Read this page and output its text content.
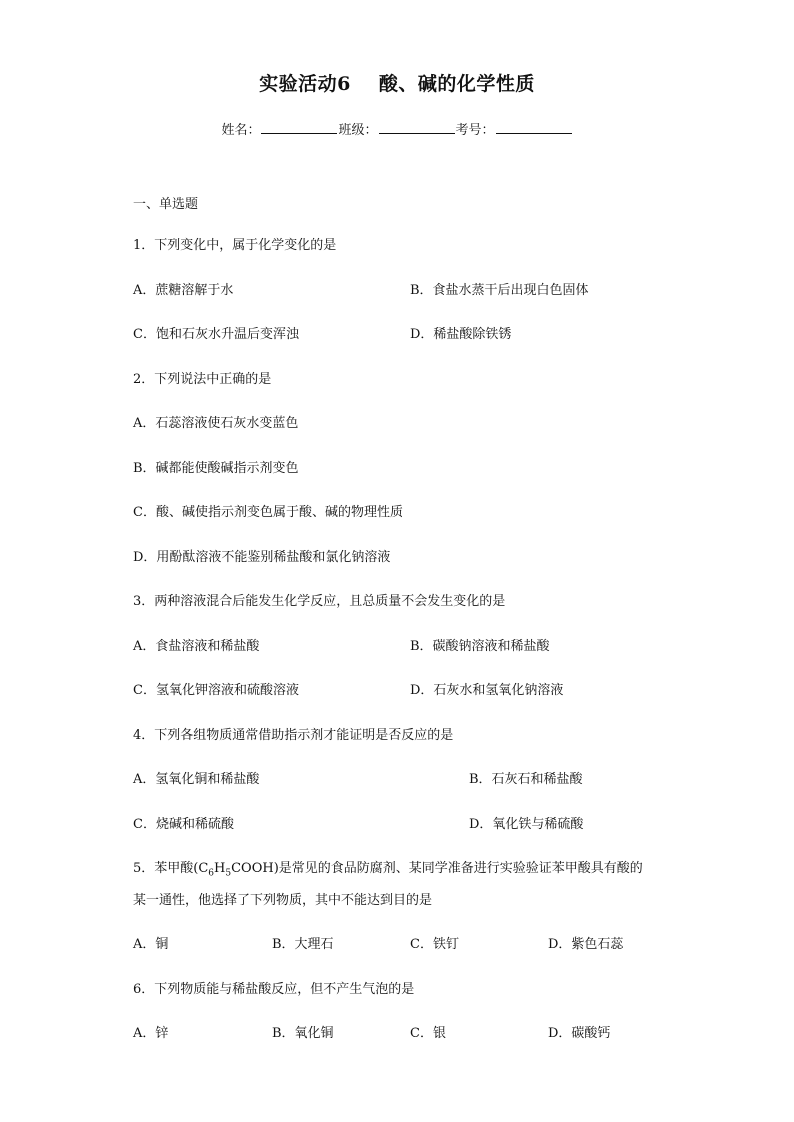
实验活动6 酸、碱的化学性质
姓名：	班级：	考号：
一、单选题
1．下列变化中，属于化学变化的是
A．蔗糖溶解于水	B．食盐水蒸干后出现白色固体
C．饱和石灰水升温后变浑浊	D．稀盐酸除铁锈
2．下列说法中正确的是
A．石蕊溶液使石灰水变蓝色
B．碱都能使酸碱指示剂变色
C．酸、碱使指示剂变色属于酸、碱的物理性质
D．用酚酞溶液不能鉴别稀盐酸和氯化钠溶液
3．两种溶液混合后能发生化学反应，且总质量不会发生变化的是
A．食盐溶液和稀盐酸	B．碳酸钠溶液和稀盐酸
C．氢氧化钾溶液和硫酸溶液	D．石灰水和氢氧化钠溶液
4．下列各组物质通常借助指示剂才能证明是否反应的是
A．氢氧化铜和稀盐酸	B．石灰石和稀盐酸
C．烧碱和稀硫酸	D．氧化铁与稀硫酸
5．苯甲酸$(C_6H_5COOH)$是常见的食品防腐剂、某同学准备进行实验验证苯甲酸具有酸的
某一通性，他选择了下列物质，其中不能达到目的是
A．铜	B．大理石	C．铁钉	D．紫色石蕊
6．下列物质能与稀盐酸反应，但不产生气泡的是
A．锌	B．氧化铜	C．银	D．碳酸钙
